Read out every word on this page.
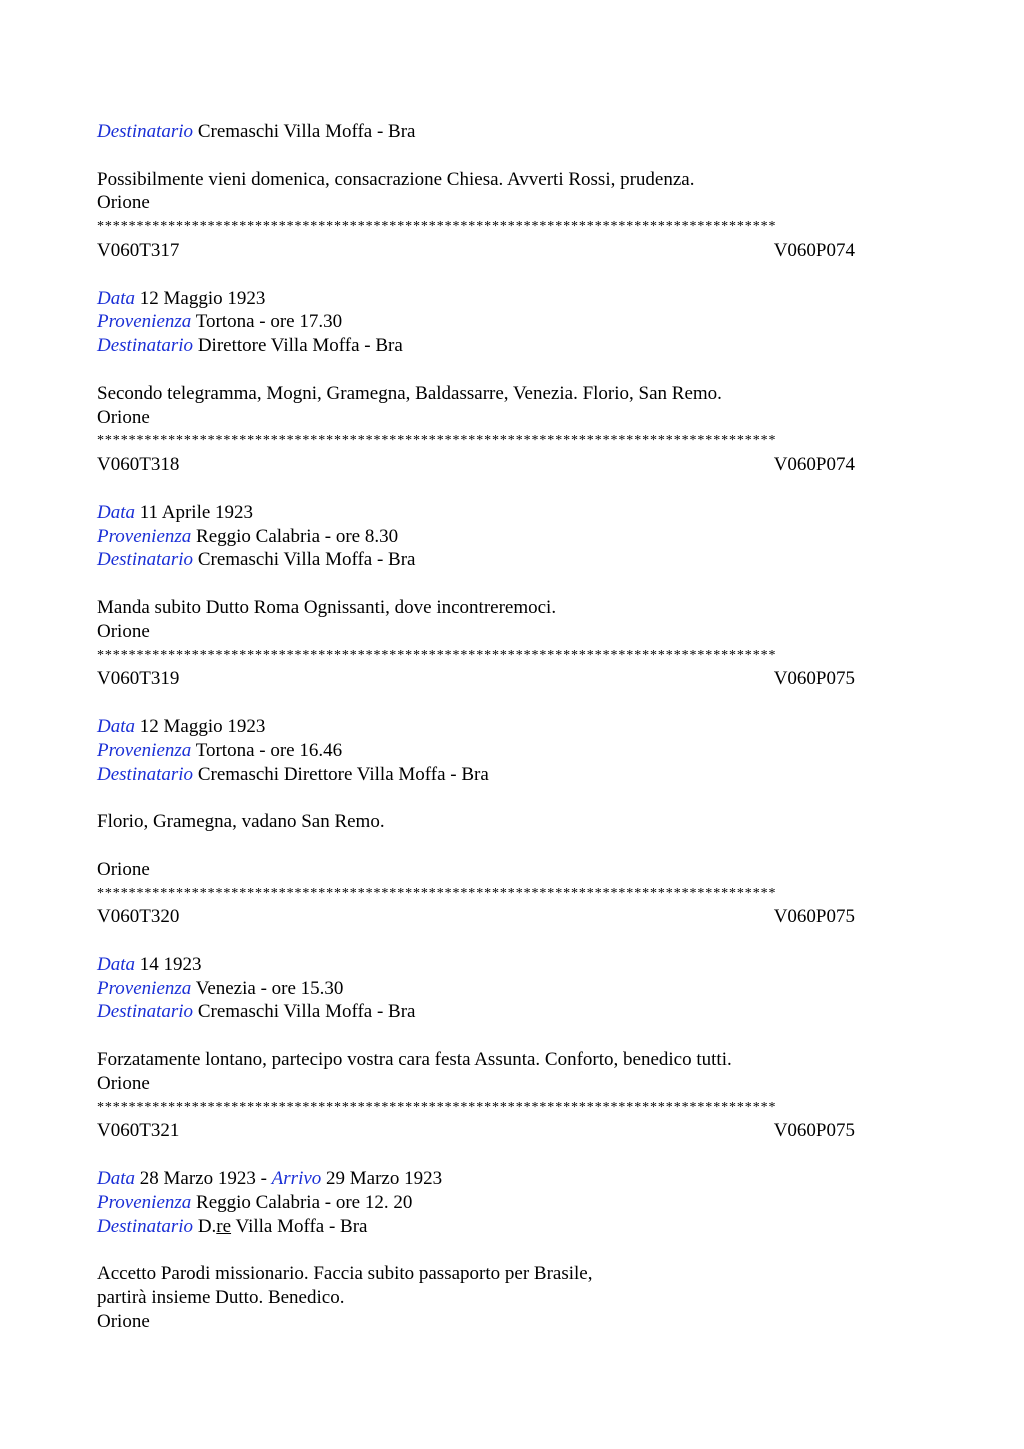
Destinatario Cremaschi Villa Moffa - Bra
Possibilmente vieni domenica, consacrazione Chiesa. Avverti Rossi, prudenza.
Orione
**************************************************************************************
V060T317	V060P074
Data 12 Maggio 1923
Provenienza Tortona - ore 17.30
Destinatario Direttore Villa Moffa - Bra
Secondo telegramma, Mogni, Gramegna, Baldassarre, Venezia. Florio, San Remo.
Orione
**************************************************************************************
V060T318	V060P074
Data 11 Aprile 1923
Provenienza Reggio Calabria - ore 8.30
Destinatario Cremaschi Villa Moffa - Bra
Manda subito Dutto Roma Ognissanti, dove incontreremoci.
Orione
**************************************************************************************
V060T319	V060P075
Data 12 Maggio 1923
Provenienza Tortona - ore 16.46
Destinatario Cremaschi Direttore Villa Moffa - Bra
Florio, Gramegna, vadano San Remo.
Orione
**************************************************************************************
V060T320	V060P075
Data 14 1923
Provenienza Venezia - ore 15.30
Destinatario Cremaschi Villa Moffa - Bra
Forzatamente lontano, partecipo vostra cara festa Assunta. Conforto, benedico tutti.
Orione
**************************************************************************************
V060T321	V060P075
Data 28 Marzo 1923 - Arrivo 29 Marzo 1923
Provenienza Reggio Calabria - ore 12. 20
Destinatario D.re Villa Moffa - Bra
Accetto Parodi missionario. Faccia subito passaporto per Brasile,
partirà insieme Dutto. Benedico.
Orione
